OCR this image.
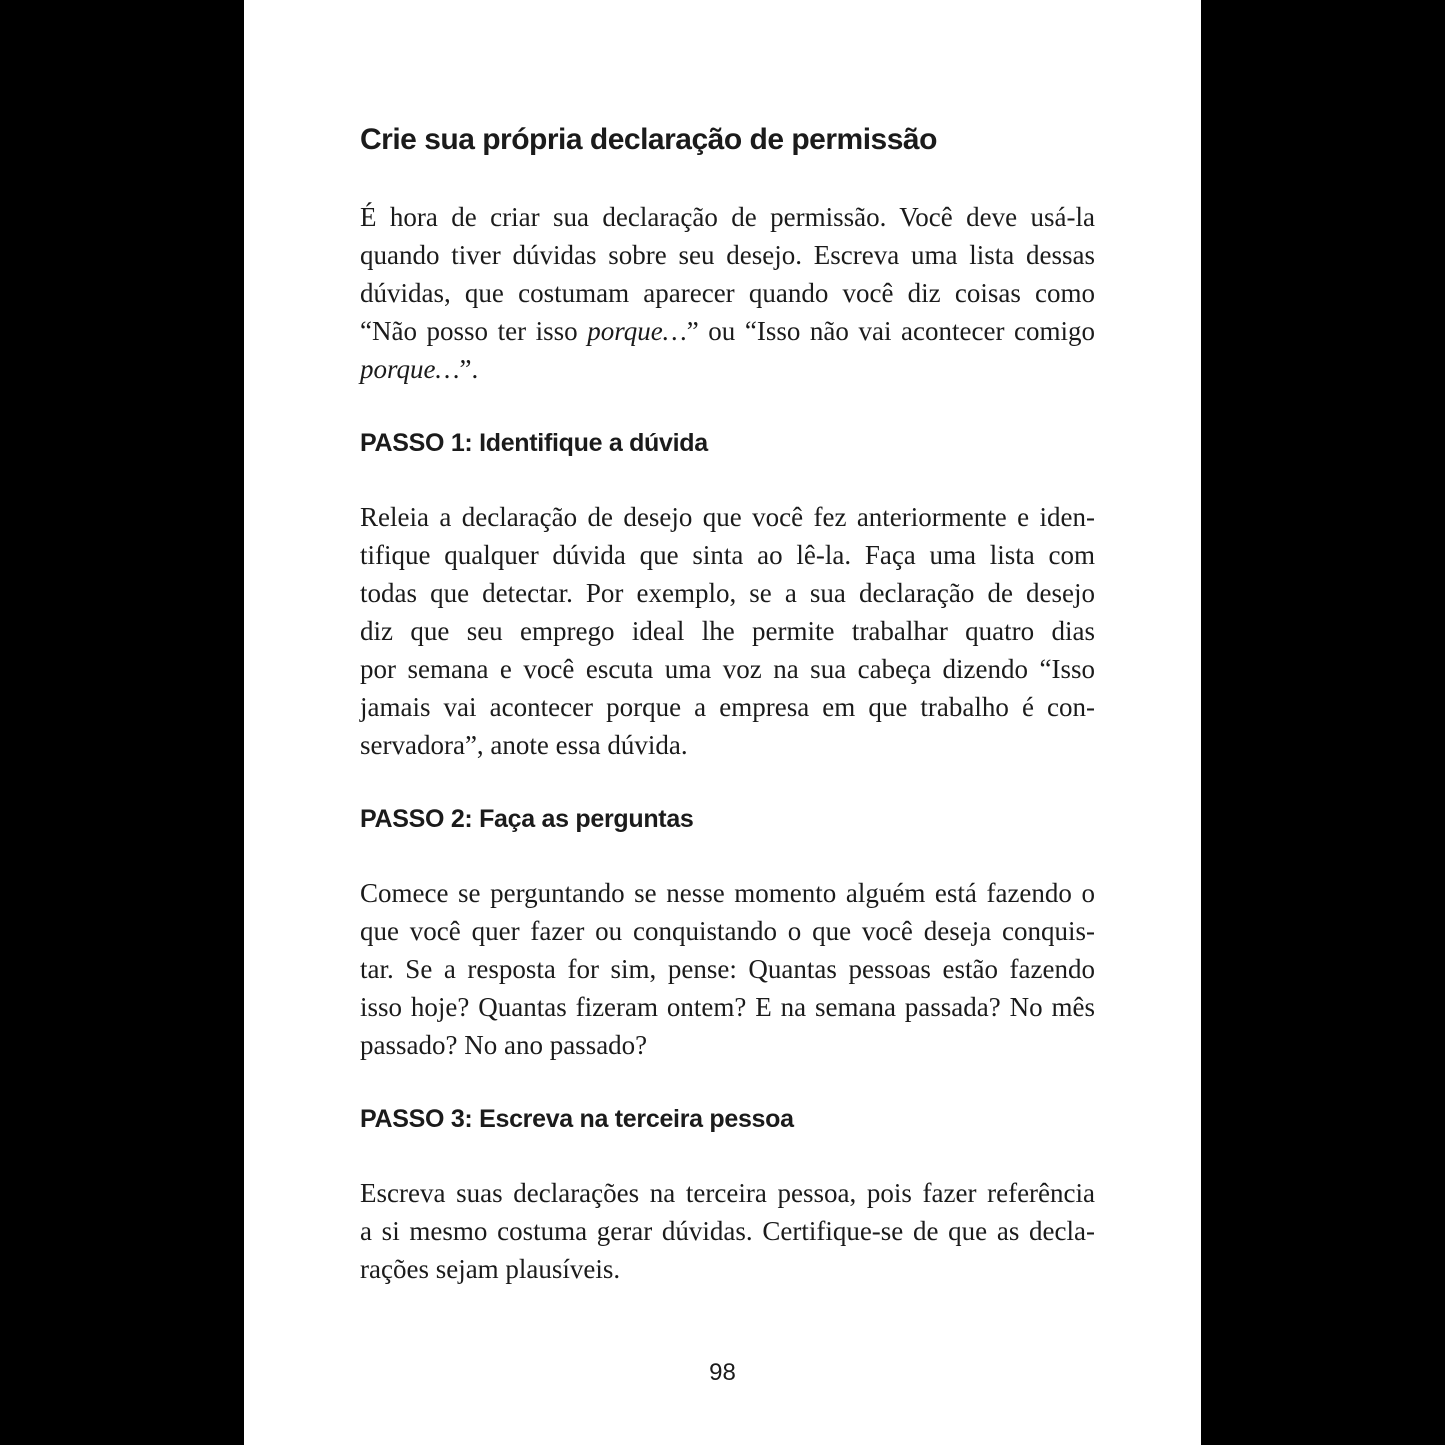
Crie sua própria declaração de permissão
É hora de criar sua declaração de permissão. Você deve usá-la
quando tiver dúvidas sobre seu desejo. Escreva uma lista dessas
dúvidas, que costumam aparecer quando você diz coisas como
“Não posso ter isso porque…” ou “Isso não vai acontecer comigo
porque…”.
PASSO 1: Identifique a dúvida
Releia a declaração de desejo que você fez anteriormente e iden-
tifique qualquer dúvida que sinta ao lê-la. Faça uma lista com
todas que detectar. Por exemplo, se a sua declaração de desejo
diz que seu emprego ideal lhe permite trabalhar quatro dias
por semana e você escuta uma voz na sua cabeça dizendo “Isso
jamais vai acontecer porque a empresa em que trabalho é con-
servadora”, anote essa dúvida.
PASSO 2: Faça as perguntas
Comece se perguntando se nesse momento alguém está fazendo o
que você quer fazer ou conquistando o que você deseja conquis-
tar. Se a resposta for sim, pense: Quantas pessoas estão fazendo
isso hoje? Quantas fizeram ontem? E na semana passada? No mês
passado? No ano passado?
PASSO 3: Escreva na terceira pessoa
Escreva suas declarações na terceira pessoa, pois fazer referência
a si mesmo costuma gerar dúvidas. Certifique-se de que as decla-
rações sejam plausíveis.
98
